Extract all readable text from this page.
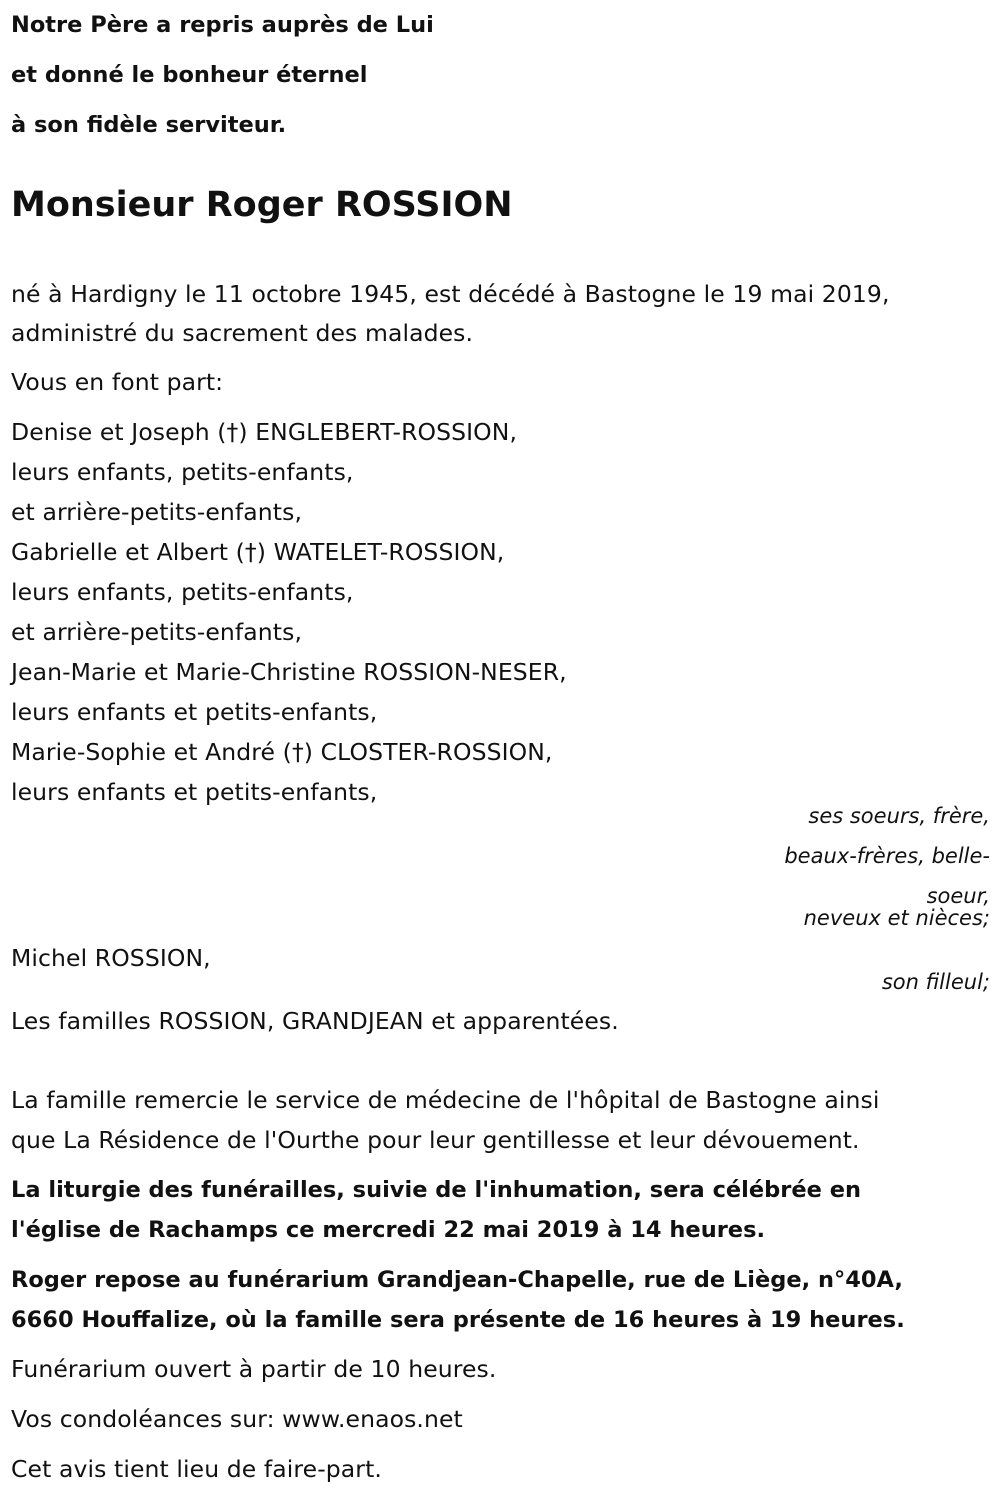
Notre Père a repris auprès de Lui

et donné le bonheur éternel

à son fidèle serviteur.

Monsieur Roger ROSSION

né à Hardigny le 11 octobre 1945, est décédé à Bastogne le 19 mai 2019,

administré du sacrement des malades.

Vous en font part:

Denise et Joseph (†) ENGLEBERT-ROSSION,

leurs enfants, petits-enfants,

et arrière-petits-enfants,

Gabrielle et Albert (†) WATELET-ROSSION,

leurs enfants, petits-enfants,

et arrière-petits-enfants,

Jean-Marie et Marie-Christine ROSSION-NESER,

leurs enfants et petits-enfants,

Marie-Sophie et André (†) CLOSTER-ROSSION,

leurs enfants et petits-enfants,

ses soeurs, frère,

beaux-frères, belle-

soeur,

neveux et nièces;

Michel ROSSION,

son filleul;

Les familles ROSSION, GRANDJEAN et apparentées.

La famille remercie le service de médecine de l'hôpital de Bastogne ainsi

que La Résidence de l'Ourthe pour leur gentillesse et leur dévouement.

La liturgie des funérailles, suivie de l'inhumation, sera célébrée en

l'église de Rachamps ce mercredi 22 mai 2019 à 14 heures.

Roger repose au funérarium Grandjean-Chapelle, rue de Liège, n°40A,

6660 Houffalize, où la famille sera présente de 16 heures à 19 heures.

Funérarium ouvert à partir de 10 heures.

Vos condoléances sur: www.enaos.net

Cet avis tient lieu de faire-part.
